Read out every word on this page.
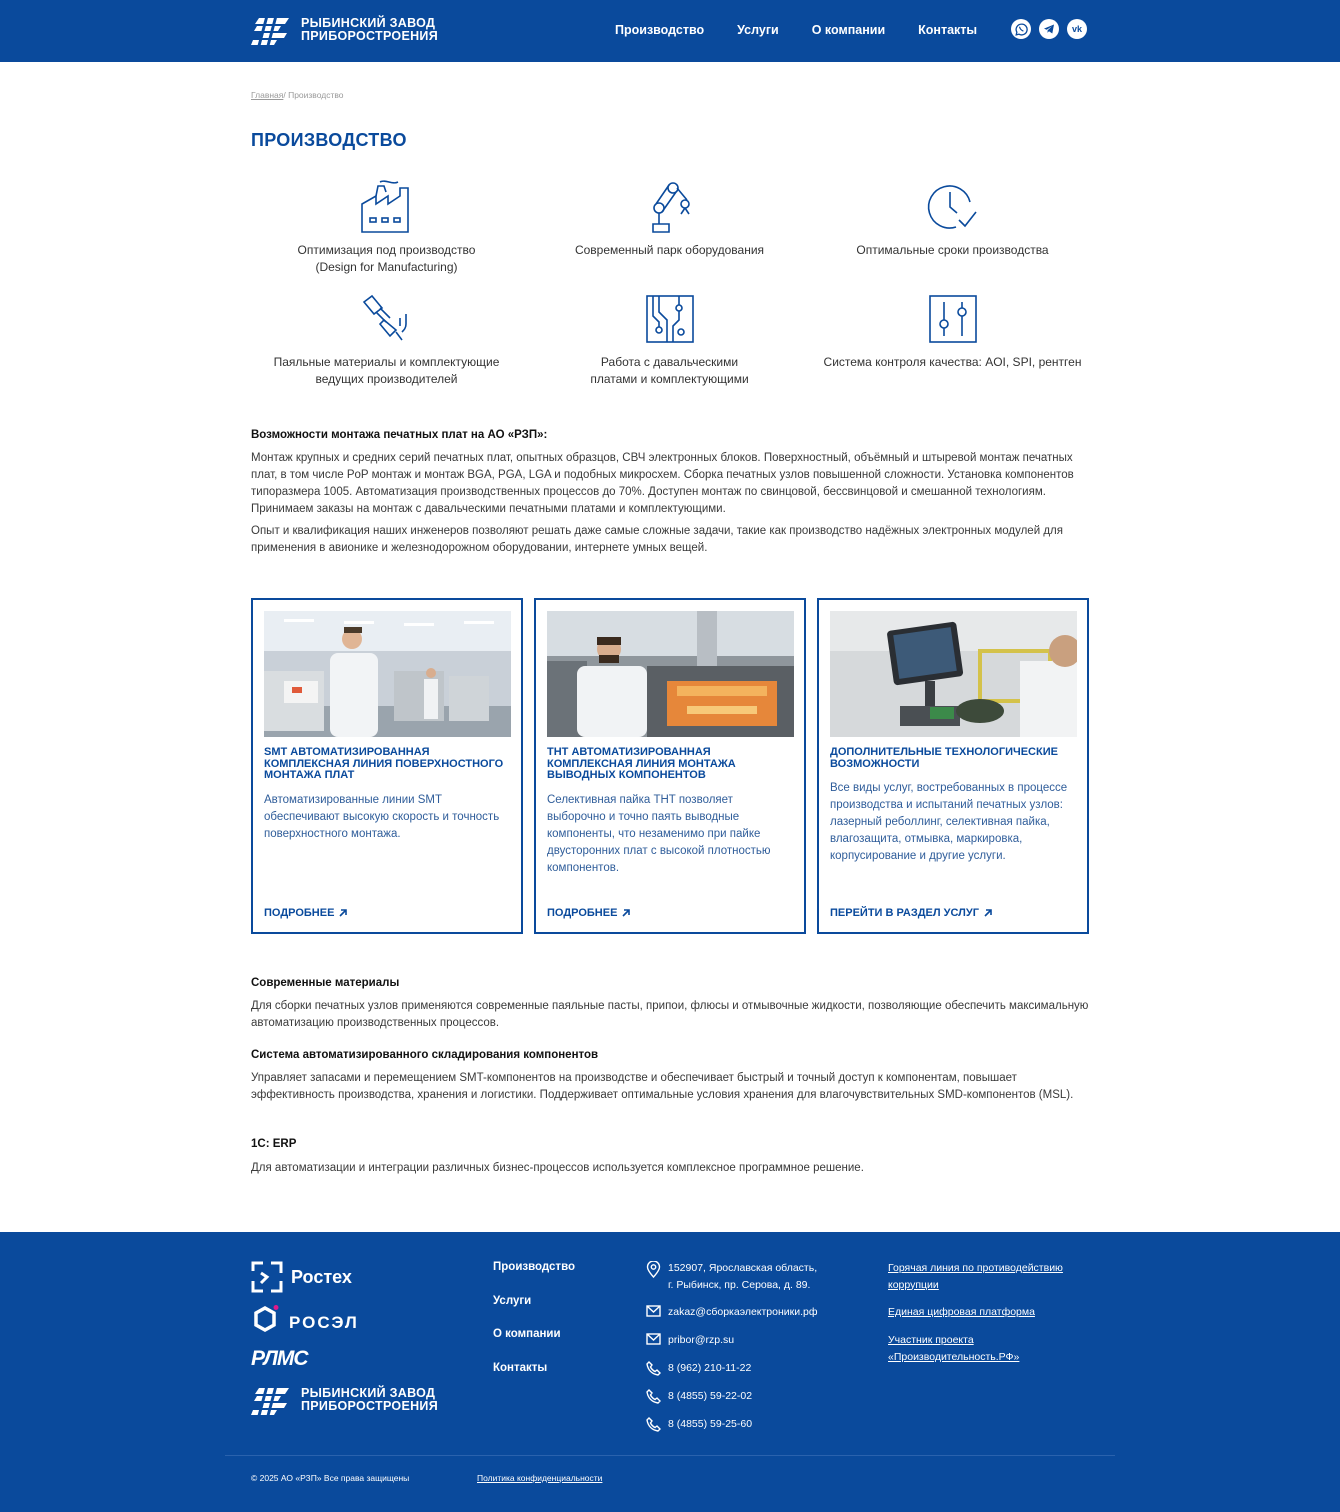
РЫБИНСКИЙ ЗАВОД
ПРИБОРОСТРОЕНИЯ	Производство	Услуги	О компании	Контакты	vk
Главная/ Производство
ПРОИЗВОДСТВО
Оптимизация под производство
(Design for Manufacturing)
Современный парк оборудования	Оптимальные сроки производства
Паяльные материалы и комплектующие
ведущих производителей
Работа с давальческими
платами и комплектующими
Система контроля качества: AOI, SPI, рентген
Возможности монтажа печатных плат на АО «РЗП»:

Монтаж крупных и средних серий печатных плат, опытных образцов, СВЧ электронных блоков. Поверхностный, объёмный и штыревой монтаж печатных плат, в том числе PoP монтаж и монтаж BGA, PGA, LGA и подобных микросхем. Сборка печатных узлов повышенной сложности. Установка компонентов типоразмера 1005. Автоматизация производственных процессов до 70%. Доступен монтаж по свинцовой, бессвинцовой и смешанной технологиям. Принимаем заказы на монтаж с давальческими печатными платами и комплектующими.

Опыт и квалификация наших инженеров позволяют решать даже самые сложные задачи, такие как производство надёжных электронных модулей для применения в авионике и железнодорожном оборудовании, интернете умных вещей.

SMT АВТОМАТИЗИРОВАННАЯ КОМПЛЕКСНАЯ ЛИНИЯ ПОВЕРХНОСТНОГО МОНТАЖА ПЛАТ
Автоматизированные линии SMT обеспечивают высокую скорость и точность поверхностного монтажа.
ПОДРОБНЕЕ
THT АВТОМАТИЗИРОВАННАЯ КОМПЛЕКСНАЯ ЛИНИЯ МОНТАЖА ВЫВОДНЫХ КОМПОНЕНТОВ
Селективная пайка THT позволяет выборочно и точно паять выводные компоненты, что незаменимо при пайке двусторонних плат с высокой плотностью компонентов.
ПОДРОБНЕЕ
ДОПОЛНИТЕЛЬНЫЕ ТЕХНОЛОГИЧЕСКИЕ ВОЗМОЖНОСТИ
Все виды услуг, востребованных в процессе производства и испытаний печатных узлов: лазерный реболлинг, селективная пайка, влагозащита, отмывка, маркировка, корпусирование и другие услуги.
ПЕРЕЙТИ В РАЗДЕЛ УСЛУГ
Современные материалы

Для сборки печатных узлов применяются современные паяльные пасты, припои, флюсы и отмывочные жидкости, позволяющие обеспечить максимальную автоматизацию производственных процессов.

Система автоматизированного складирования компонентов

Управляет запасами и перемещением SMT-компонентов на производстве и обеспечивает быстрый и точный доступ к компонентам, повышает эффективность производства, хранения и логистики. Поддерживает оптимальные условия хранения для влагочувствительных SMD-компонентов (MSL).

1С: ERP

Для автоматизации и интеграции различных бизнес-процессов используется комплексное программное решение.

Ростех
РОСЭЛ
РЛМС
РЫБИНСКИЙ ЗАВОД
ПРИБОРОСТРОЕНИЯ
Производство
Услуги
О компании
Контакты
152907, Ярославская область,
г. Рыбинск, пр. Серова, д. 89.
zakaz@сборкаэлектроники.рф
pribor@rzp.su
8 (962) 210-11-22
8 (4855) 59-22-02
8 (4855) 59-25-60
Горячая линия по противодействию коррупции
Единая цифровая платформа
Участник проекта «Производительность.РФ»
© 2025 АО «РЗП» Все права защищены	Политика конфиденциальности
